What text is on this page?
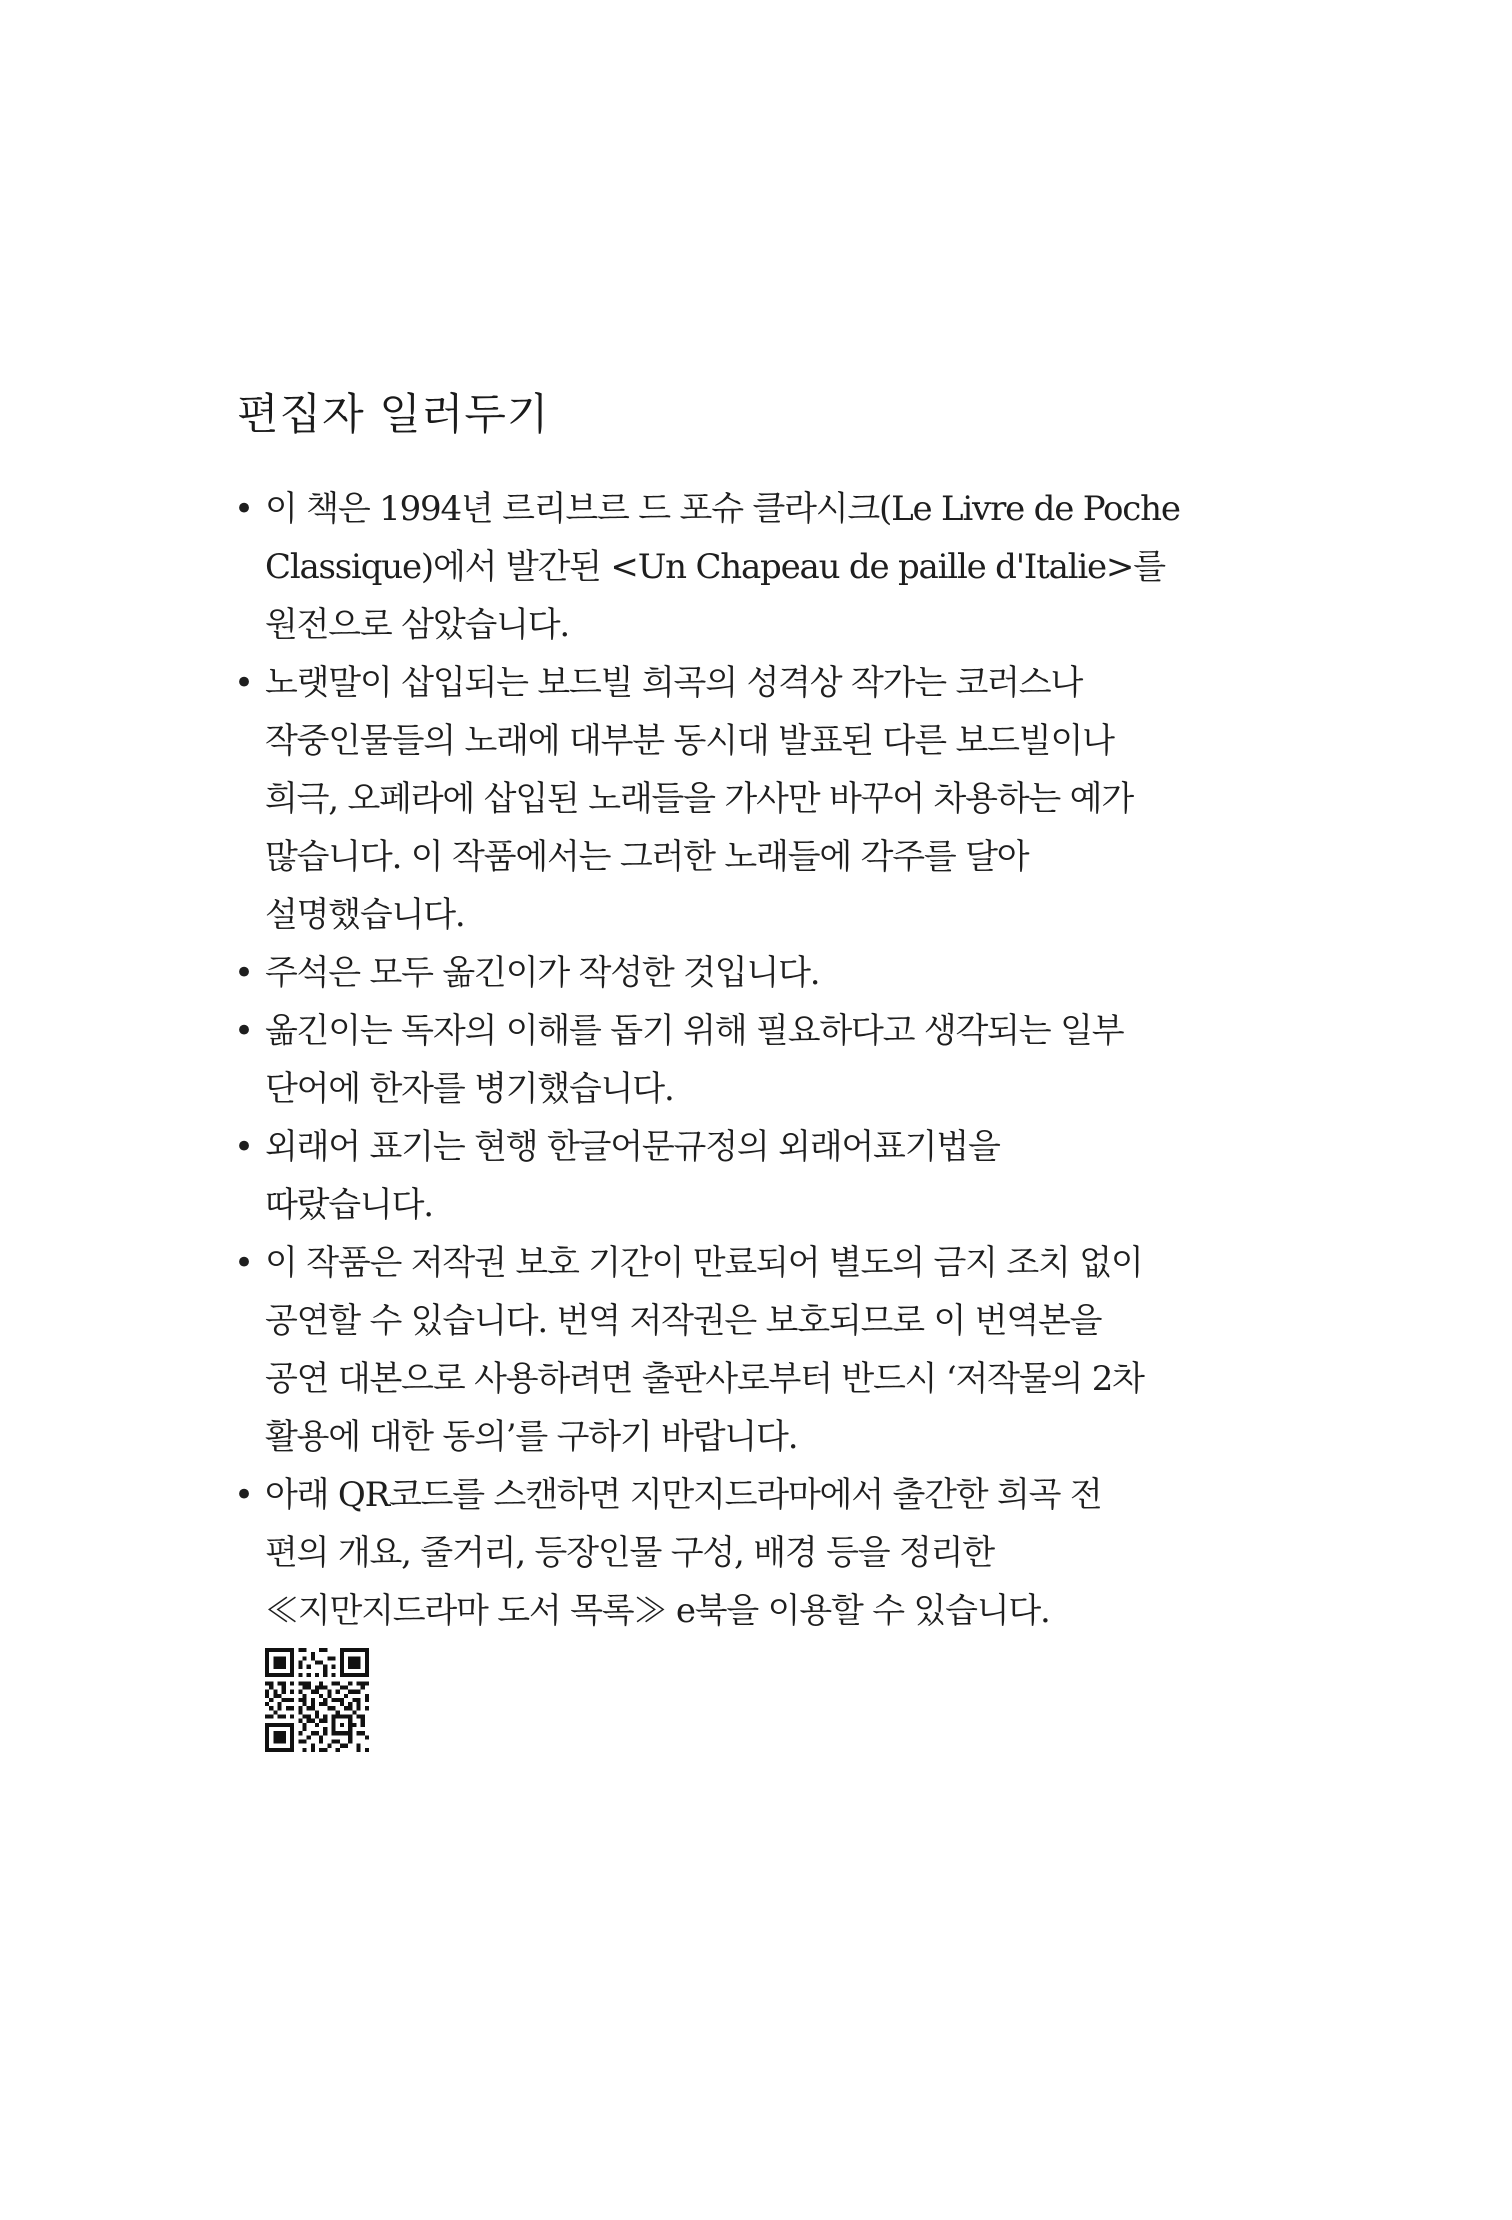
편집자 일러두기
• 이 책은 1994년 르리브르 드 포슈 클라시크(Le Livre de Poche
Classique)에서 발간된 <Un Chapeau de paille d'Italie>를
원전으로 삼았습니다.
• 노랫말이 삽입되는 보드빌 희곡의 성격상 작가는 코러스나
작중인물들의 노래에 대부분 동시대 발표된 다른 보드빌이나
희극, 오페라에 삽입된 노래들을 가사만 바꾸어 차용하는 예가
많습니다. 이 작품에서는 그러한 노래들에 각주를 달아
설명했습니다.
• 주석은 모두 옮긴이가 작성한 것입니다.
• 옮긴이는 독자의 이해를 돕기 위해 필요하다고 생각되는 일부
단어에 한자를 병기했습니다.
• 외래어 표기는 현행 한글어문규정의 외래어표기법을
따랐습니다.
• 이 작품은 저작권 보호 기간이 만료되어 별도의 금지 조치 없이
공연할 수 있습니다. 번역 저작권은 보호되므로 이 번역본을
공연 대본으로 사용하려면 출판사로부터 반드시 ‘저작물의 2차
활용에 대한 동의’를 구하기 바랍니다.
• 아래 QR코드를 스캔하면 지만지드라마에서 출간한 희곡 전
편의 개요, 줄거리, 등장인물 구성, 배경 등을 정리한
≪지만지드라마 도서 목록≫ e북을 이용할 수 있습니다.
